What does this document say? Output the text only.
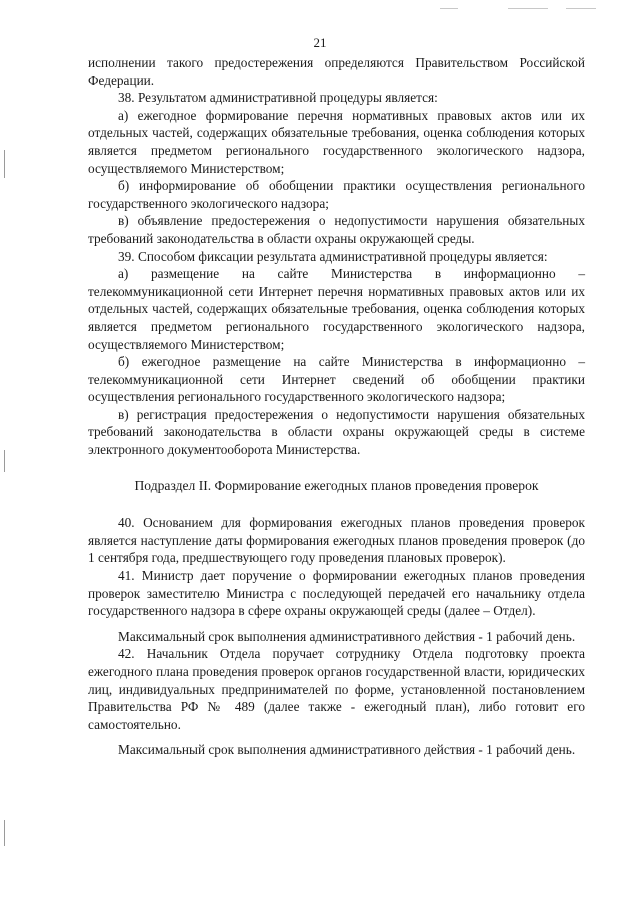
21

исполнении такого предостережения определяются Правительством Российской Федерации.

38. Результатом административной процедуры является:

а) ежегодное формирование перечня нормативных правовых актов или их отдельных частей, содержащих обязательные требования, оценка соблюдения которых является предметом регионального государственного экологического надзора, осуществляемого Министерством;

б) информирование об обобщении практики осуществления регионального государственного экологического надзора;

в) объявление предостережения о недопустимости нарушения обязательных требований законодательства в области охраны окружающей среды.

39. Способом фиксации результата административной процедуры является:

а) размещение на сайте Министерства в информационно – телекоммуникационной сети Интернет перечня нормативных правовых актов или их отдельных частей, содержащих обязательные требования, оценка соблюдения которых является предметом регионального государственного экологического надзора, осуществляемого Министерством;

б) ежегодное размещение на сайте Министерства в информационно – телекоммуникационной сети Интернет сведений об обобщении практики осуществления регионального государственного экологического надзора;

в) регистрация предостережения о недопустимости нарушения обязательных требований законодательства в области охраны окружающей среды в системе электронного документооборота Министерства.

Подраздел II. Формирование ежегодных планов проведения проверок

40. Основанием для формирования ежегодных планов проведения проверок является наступление даты формирования ежегодных планов проведения проверок (до 1 сентября года, предшествующего году проведения плановых проверок).

41. Министр дает поручение о формировании ежегодных планов проведения проверок заместителю Министра с последующей передачей его начальнику отдела государственного надзора в сфере охраны окружающей среды (далее – Отдел).

Максимальный срок выполнения административного действия - 1 рабочий день.

42. Начальник Отдела поручает сотруднику Отдела подготовку проекта ежегодного плана проведения проверок органов государственной власти, юридических лиц, индивидуальных предпринимателей по форме, установленной постановлением Правительства РФ № 489 (далее также - ежегодный план), либо готовит его самостоятельно.

Максимальный срок выполнения административного действия - 1 рабочий день.
